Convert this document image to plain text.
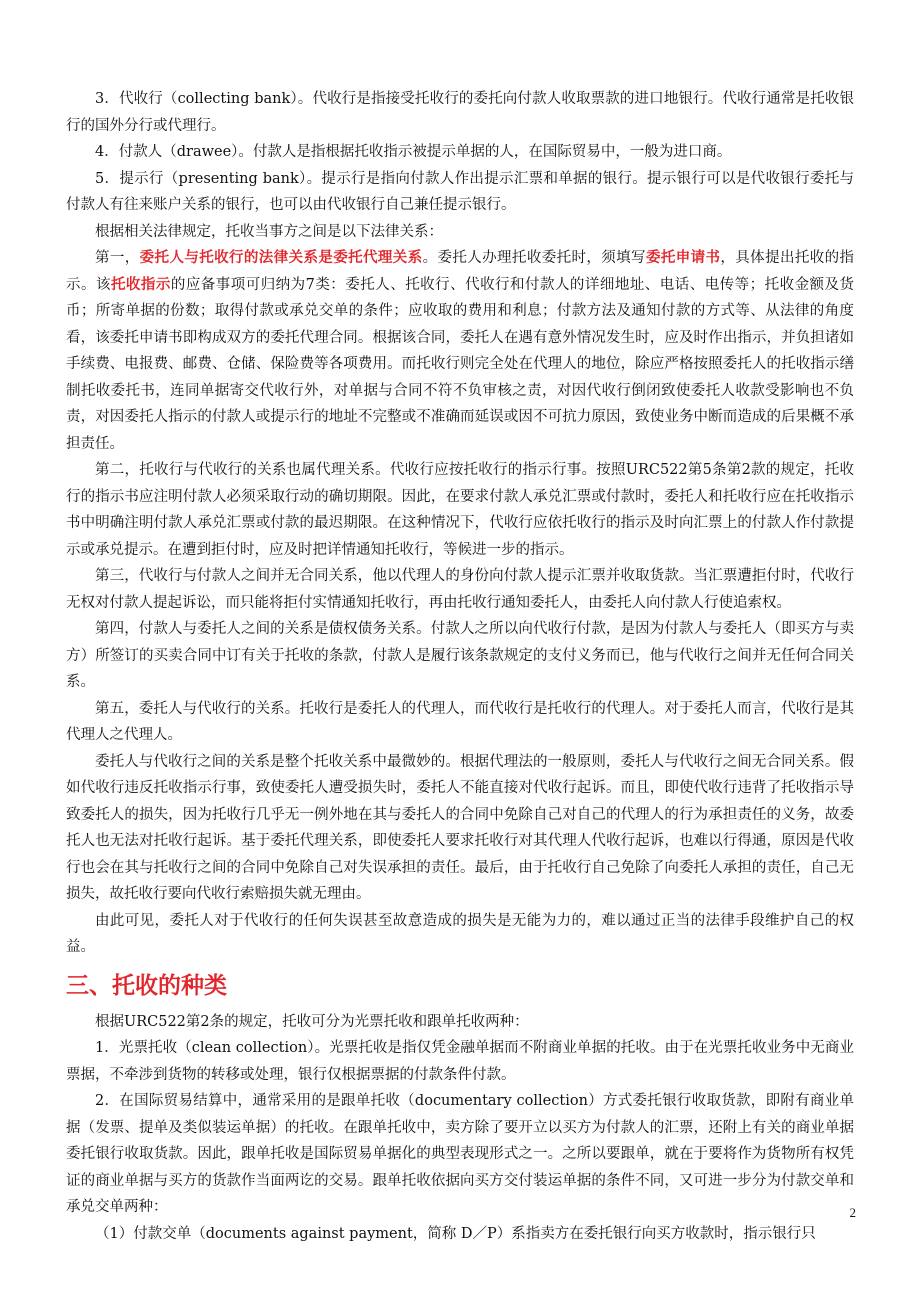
3．代收行（collecting bank）。代收行是指接受托收行的委托向付款人收取票款的进口地银行。代收行通常是托收银行的国外分行或代理行。

4．付款人（drawee）。付款人是指根据托收指示被提示单据的人，在国际贸易中，一般为进口商。

5．提示行（presenting bank）。提示行是指向付款人作出提示汇票和单据的银行。提示银行可以是代收银行委托与付款人有往来账户关系的银行，也可以由代收银行自己兼任提示银行。

根据相关法律规定，托收当事方之间是以下法律关系：

第一，委托人与托收行的法律关系是委托代理关系。委托人办理托收委托时，须填写委托申请书，具体提出托收的指示。该托收指示的应备事项可归纳为7类：委托人、托收行、代收行和付款人的详细地址、电话、电传等；托收金额及货币；所寄单据的份数；取得付款或承兑交单的条件；应收取的费用和利息；付款方法及通知付款的方式等、从法律的角度看，该委托申请书即构成双方的委托代理合同。根据该合同，委托人在遇有意外情况发生时，应及时作出指示，并负担诸如手续费、电报费、邮费、仓储、保险费等各项费用。而托收行则完全处在代理人的地位，除应严格按照委托人的托收指示缮制托收委托书，连同单据寄交代收行外，对单据与合同不符不负审核之责，对因代收行倒闭致使委托人收款受影响也不负责，对因委托人指示的付款人或提示行的地址不完整或不准确而延误或因不可抗力原因，致使业务中断而造成的后果概不承担责任。

第二，托收行与代收行的关系也属代理关系。代收行应按托收行的指示行事。按照URC522第5条第2款的规定，托收行的指示书应注明付款人必须采取行动的确切期限。因此，在要求付款人承兑汇票或付款时，委托人和托收行应在托收指示书中明确注明付款人承兑汇票或付款的最迟期限。在这种情况下，代收行应依托收行的指示及时向汇票上的付款人作付款提示或承兑提示。在遭到拒付时，应及时把详情通知托收行，等候进一步的指示。

第三，代收行与付款人之间并无合同关系，他以代理人的身份向付款人提示汇票并收取货款。当汇票遭拒付时，代收行无权对付款人提起诉讼，而只能将拒付实情通知托收行，再由托收行通知委托人，由委托人向付款人行使追索权。

第四，付款人与委托人之间的关系是债权债务关系。付款人之所以向代收行付款，是因为付款人与委托人（即买方与卖方）所签订的买卖合同中订有关于托收的条款，付款人是履行该条款规定的支付义务而已，他与代收行之间并无任何合同关系。

第五，委托人与代收行的关系。托收行是委托人的代理人，而代收行是托收行的代理人。对于委托人而言，代收行是其代理人之代理人。

委托人与代收行之间的关系是整个托收关系中最微妙的。根据代理法的一般原则，委托人与代收行之间无合同关系。假如代收行违反托收指示行事，致使委托人遭受损失时，委托人不能直接对代收行起诉。而且，即使代收行违背了托收指示导致委托人的损失，因为托收行几乎无一例外地在其与委托人的合同中免除自己对自己的代理人的行为承担责任的义务，故委托人也无法对托收行起诉。基于委托代理关系，即使委托人要求托收行对其代理人代收行起诉，也难以行得通，原因是代收行也会在其与托收行之间的合同中免除自己对失误承担的责任。最后，由于托收行自己免除了向委托人承担的责任，自己无损失，故托收行要向代收行索赔损失就无理由。

由此可见，委托人对于代收行的任何失误甚至故意造成的损失是无能为力的，难以通过正当的法律手段维护自己的权益。

三、托收的种类

根据URC522第2条的规定，托收可分为光票托收和跟单托收两种：

1．光票托收（clean collection）。光票托收是指仅凭金融单据而不附商业单据的托收。由于在光票托收业务中无商业票据，不牵涉到货物的转移或处理，银行仅根据票据的付款条件付款。

2．在国际贸易结算中，通常采用的是跟单托收（documentary collection）方式委托银行收取货款，即附有商业单据（发票、提单及类似装运单据）的托收。在跟单托收中，卖方除了要开立以买方为付款人的汇票，还附上有关的商业单据委托银行收取货款。因此，跟单托收是国际贸易单据化的典型表现形式之一。之所以要跟单，就在于要将作为货物所有权凭证的商业单据与买方的货款作当面两讫的交易。跟单托收依据向买方交付装运单据的条件不同，又可进一步分为付款交单和承兑交单两种：

（1）付款交单（documents against payment，简称 D／P）系指卖方在委托银行向买方收款时，指示银行只

2
